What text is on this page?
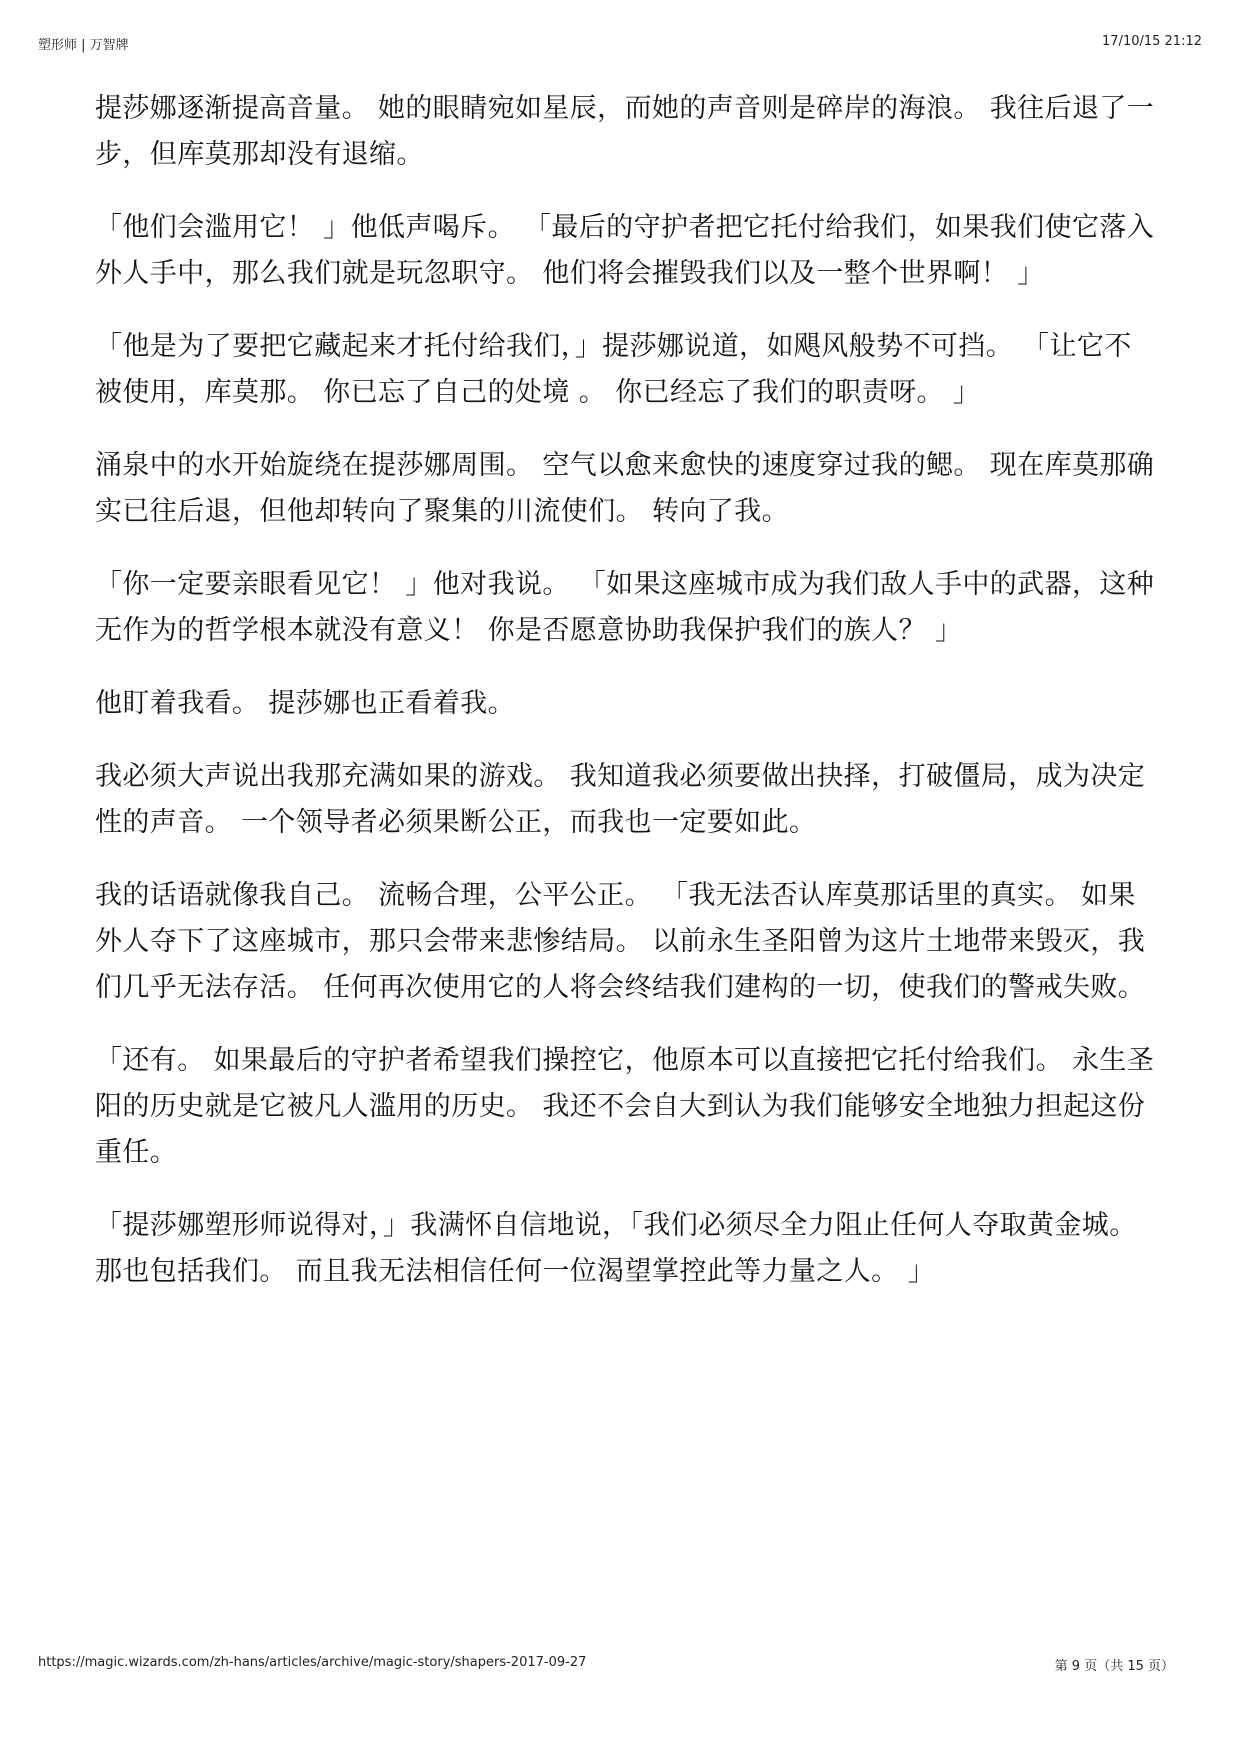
塑形师 | 万智牌	17/10/15 21:12

提莎娜逐渐提高音量。 她的眼睛宛如星辰，而她的声音则是碎岸的海浪。 我往后退了一步，但库莫那却没有退缩。

「他们会滥用它！ 」他低声喝斥。 「最后的守护者把它托付给我们，如果我们使它落入外人手中，那么我们就是玩忽职守。 他们将会摧毁我们以及一整个世界啊！ 」

「他是为了要把它藏起来才托付给我们，」提莎娜说道，如飓风般势不可挡。 「让它不被使用，库莫那。 你已忘了自己的处境 。 你已经忘了我们的职责呀。 」

涌泉中的水开始旋绕在提莎娜周围。 空气以愈来愈快的速度穿过我的鳃。 现在库莫那确实已往后退，但他却转向了聚集的川流使们。 转向了我。

「你一定要亲眼看见它！ 」他对我说。 「如果这座城市成为我们敌人手中的武器，这种无作为的哲学根本就没有意义！ 你是否愿意协助我保护我们的族人？ 」

他盯着我看。 提莎娜也正看着我。

我必须大声说出我那充满如果的游戏。 我知道我必须要做出抉择，打破僵局，成为决定性的声音。 一个领导者必须果断公正，而我也一定要如此。

我的话语就像我自己。 流畅合理，公平公正。 「我无法否认库莫那话里的真实。 如果外人夺下了这座城市，那只会带来悲惨结局。 以前永生圣阳曾为这片土地带来毁灭，我们几乎无法存活。 任何再次使用它的人将会终结我们建构的一切，使我们的警戒失败。

「还有。 如果最后的守护者希望我们操控它，他原本可以直接把它托付给我们。 永生圣阳的历史就是它被凡人滥用的历史。 我还不会自大到认为我们能够安全地独力担起这份重任。

「提莎娜塑形师说得对，」我满怀自信地说，「我们必须尽全力阻止任何人夺取黄金城。 那也包括我们。 而且我无法相信任何一位渴望掌控此等力量之人。 」

https://magic.wizards.com/zh-hans/articles/archive/magic-story/shapers-2017-09-27	第 9 页（共 15 页）
